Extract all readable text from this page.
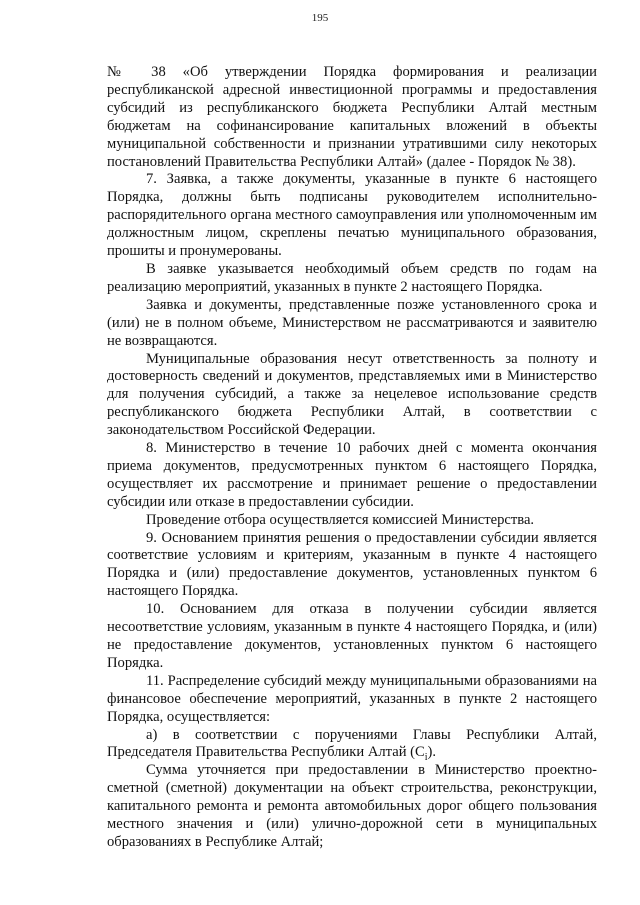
195

№ 38 «Об утверждении Порядка формирования и реализации республиканской адресной инвестиционной программы и предоставления субсидий из республиканского бюджета Республики Алтай местным бюджетам на софинансирование капитальных вложений в объекты муниципальной собственности и признании утратившими силу некоторых постановлений Правительства Республики Алтай» (далее - Порядок № 38).

7. Заявка, а также документы, указанные в пункте 6 настоящего Порядка, должны быть подписаны руководителем исполнительно-распорядительного органа местного самоуправления или уполномоченным им должностным лицом, скреплены печатью муниципального образования, прошиты и пронумерованы.

В заявке указывается необходимый объем средств по годам на реализацию мероприятий, указанных в пункте 2 настоящего Порядка.

Заявка и документы, представленные позже установленного срока и (или) не в полном объеме, Министерством не рассматриваются и заявителю не возвращаются.

Муниципальные образования несут ответственность за полноту и достоверность сведений и документов, представляемых ими в Министерство для получения субсидий, а также за нецелевое использование средств республиканского бюджета Республики Алтай, в соответствии с законодательством Российской Федерации.

8. Министерство в течение 10 рабочих дней с момента окончания приема документов, предусмотренных пунктом 6 настоящего Порядка, осуществляет их рассмотрение и принимает решение о предоставлении субсидии или отказе в предоставлении субсидии.

Проведение отбора осуществляется комиссией Министерства.

9. Основанием принятия решения о предоставлении субсидии является соответствие условиям и критериям, указанным в пункте 4 настоящего Порядка и (или) предоставление документов, установленных пунктом 6 настоящего Порядка.

10. Основанием для отказа в получении субсидии является несоответствие условиям, указанным в пункте 4 настоящего Порядка, и (или) не предоставление документов, установленных пунктом 6 настоящего Порядка.

11. Распределение субсидий между муниципальными образованиями на финансовое обеспечение мероприятий, указанных в пункте 2 настоящего Порядка, осуществляется:

а) в соответствии с поручениями Главы Республики Алтай, Председателя Правительства Республики Алтай $(С_i)$.

Сумма уточняется при предоставлении в Министерство проектно-сметной (сметной) документации на объект строительства, реконструкции, капитального ремонта и ремонта автомобильных дорог общего пользования местного значения и (или) улично-дорожной сети в муниципальных образованиях в Республике Алтай;
